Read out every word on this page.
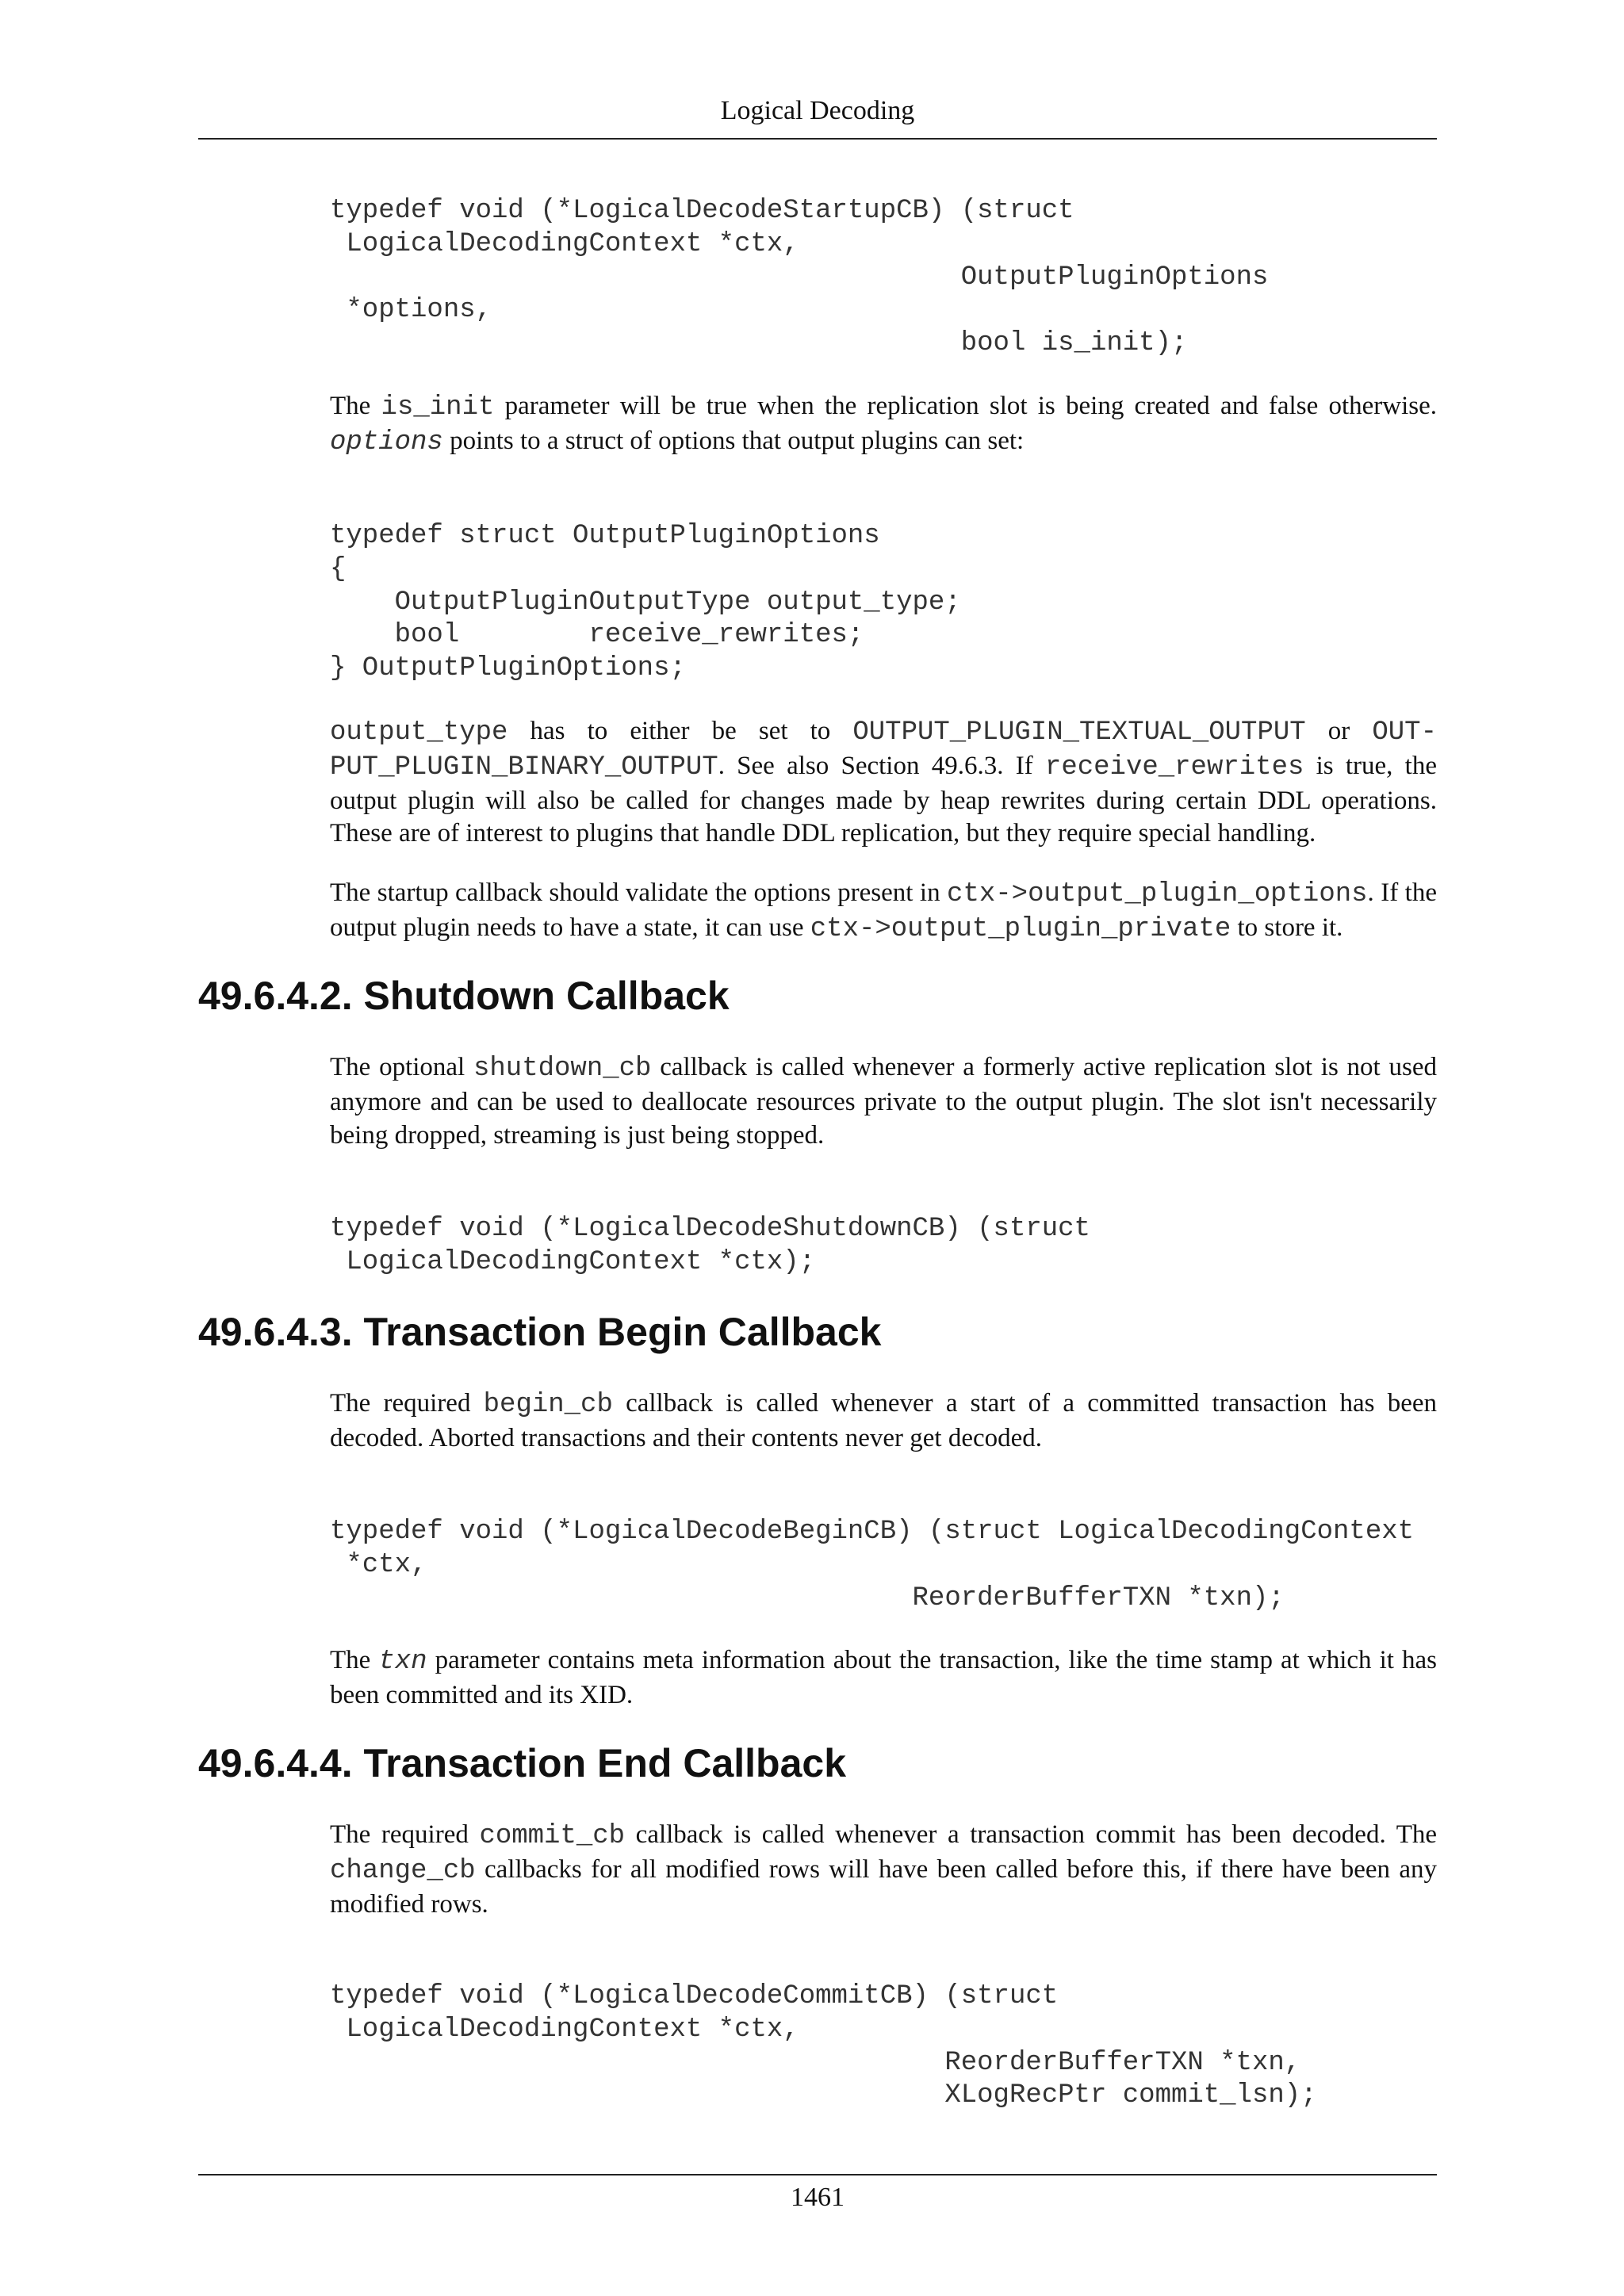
Logical Decoding
typedef void (*LogicalDecodeStartupCB) (struct
LogicalDecodingContext *ctx,
OutputPluginOptions
*options,
bool is_init);

The is_init parameter will be true when the replication slot is being created and false otherwise. options points to a struct of options that output plugins can set:

typedef struct OutputPluginOptions
{
OutputPluginOutputType output_type;
bool        receive_rewrites;
} OutputPluginOptions;

output_type has to either be set to OUTPUT_PLUGIN_TEXTUAL_OUTPUT or OUT-PUT_PLUGIN_BINARY_OUTPUT. See also Section 49.6.3. If receive_rewrites is true, the output plugin will also be called for changes made by heap rewrites during certain DDL operations. These are of interest to plugins that handle DDL replication, but they require special handling.

The startup callback should validate the options present in ctx->output_plugin_options. If the output plugin needs to have a state, it can use ctx->output_plugin_private to store it.

49.6.4.2. Shutdown Callback

The optional shutdown_cb callback is called whenever a formerly active replication slot is not used anymore and can be used to deallocate resources private to the output plugin. The slot isn't necessarily being dropped, streaming is just being stopped.

typedef void (*LogicalDecodeShutdownCB) (struct
LogicalDecodingContext *ctx);
49.6.4.3. Transaction Begin Callback

The required begin_cb callback is called whenever a start of a committed transaction has been decoded. Aborted transactions and their contents never get decoded.

typedef void (*LogicalDecodeBeginCB) (struct LogicalDecodingContext
*ctx,
ReorderBufferTXN *txn);

The txn parameter contains meta information about the transaction, like the time stamp at which it has been committed and its XID.

49.6.4.4. Transaction End Callback

The required commit_cb callback is called whenever a transaction commit has been decoded. The change_cb callbacks for all modified rows will have been called before this, if there have been any modified rows.

typedef void (*LogicalDecodeCommitCB) (struct
LogicalDecodingContext *ctx,
ReorderBufferTXN *txn,
XLogRecPtr commit_lsn);
1461
